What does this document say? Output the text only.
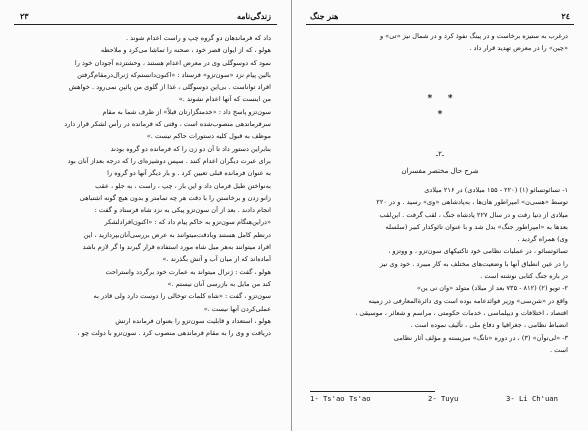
٢٣	زندگی‌نامه
داد که فرماندهان دو گروه چپ و راست اعدام شوند .
هولو ، که از ایوان قصر خود ، صحنه را تماشا می‌کرد و ملاحظه
نمود که دوسوگلی وی در معرض اعدام هستند ، وحشتزده آجودان خود را
بالین پیام نزد «سون‌تزو» فرستاد : «اکنون‌دانستم‌که ژنرال‌در‌مقام‌گرفتن
افراد تواناست . بی‌این دوسوگلی ، غذا از گلوی من پائین نمی‌رود . خواهش
من اینست که آنها اعدام نشوند .»
سون‌تزو پاسخ داد : «خدمتگزارتان قبلاً» از طرف شما به مقام
سرفرماندهی منصوب‌شده است ، وقتی که فرمانده در رأس لشکر قرار دارد
موظف به قبول کلیه دستورات حاکم نیست .»
بنابراین دستور داد تا آن دو زن را که فرمانده دو گروه بودند
برای عبرت دیگران اعدام کنند . سپس دوشیزه‌ای را که درجه بعداز آنان بود
به عنوان فرمانده قبلی تعیین کرد . و بار دیگر آنها دو گروه را
به‌نواختن طبل فرمان داد و این بار ، چپ ، راست ، به جلو ، عقب
زانو زدن و برخاستن را با دقت هر چه تمامتر و بدون هیچ گونه اشتباهی
انجام دادند . بعد از آن سون‌تزو پیکی به نزد شاه فرستاد و گفت :
«دراین‌هنگام سون‌تزو به حاکم پیام داد که : «اکنون‌افرادلشکر
درنظم کامل هستند وبا‌دقت‌میتوانند به عرض بررسی‌آنان‌بپردازید ، این
افراد میتوانند به‌هر میل شاه مورد استفاده قرار گیرند وا گر لازم باشد
آماده‌اند که از میان آب و آتش بگذرند .»
هولو ، گفت : ژنرال میتواند به عمارت خود برگردد واستراحت
کند من مایل به بازرسی آنان نیستم .»
سون‌تزو ، گفت : «شاه کلمات توخالی را دوست دارد ولی قادر به
عملی‌کردن آنها نیست .»
هولو ، استعداد و قابلیت سون‌تزو را بعنوان فرمانده ارتش
دریافت و وی را به مقام فرماندهی منصوب کرد . سون‌تزو با دولت چو ،
هنر جنگ	٢٤
درغرب به ستیزه برخاست و در پینگ نفوذ کرد و در شمال نیز «تی» و
«چین» را در معرض تهدید قرار داد .
*     *
*
ـ۲ـ
شرح حال مختصر مفسران
۱- تسائوتسائو (۱) (۲۲۰ - ۱۵۵ میلادی) در ۲۱۶ میلادی
توسط «هسی‌ن» امپراطور هان‌ها ، به‌پادشاهی «وی» رسید . و در ۲۲۰
میلادی از دنیا رفت و در سال ۲۲۷ پادشاه جنگ ، لقب گرفت . این‌لقب
بعدها به «امپراطور جنگ» بدل شد و با عنوان تائوکدار کبیر (سلسله
وی) همراه گردید .
تسائوتسائو ، در عملیات نظامی خود تاکتیکهای سون‌تزو ، و وو‌تزو ،
را در عین انطباق آنها با وضعیت‌های مختلف به کار میبرد . خود وی نیز
در باره جنگ کتابی نوشته است .
۲- تویو (۲) (۸۱۲ - ۷۳۵ بعد از میلاد) متولد «وان نی ین»
واقع در «شن‌سی» وزیر فوائدعامه بوده است وی دائرة‌المعارفی در زمینه
اقتصاد ، اختلافات و دیپلماسی ، خدمات حکومتی ، مراسم و شعائر ، موسیقی ،
انضباط نظامی ، جغرافیا و دفاع ملی ، تألیف نموده است .
۳- «لی‌توآن» (۳) ، در دوره «تانگ» میزیسته و مؤلف آثار نظامی
است .
1- Ts'ao Ts'ao	2- Tuyu	3- Li Ch'uan
